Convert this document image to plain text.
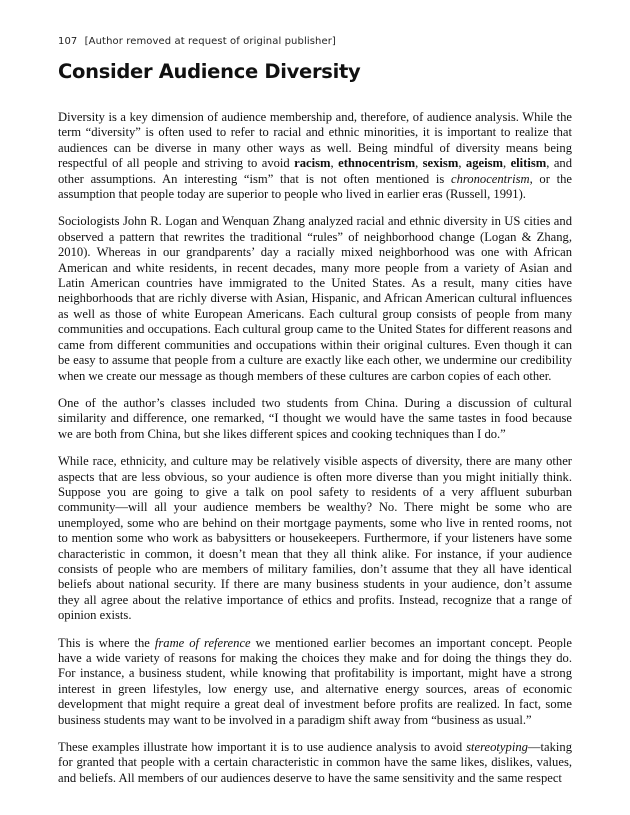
107 [Author removed at request of original publisher]
Consider Audience Diversity

Diversity is a key dimension of audience membership and, therefore, of audience analysis. While the term “diversity” is often used to refer to racial and ethnic minorities, it is important to realize that audiences can be diverse in many other ways as well. Being mindful of diversity means being respectful of all people and striving to avoid racism, ethnocentrism, sexism, ageism, elitism, and other assumptions. An interesting “ism” that is not often mentioned is chronocentrism, or the assumption that people today are superior to people who lived in earlier eras (Russell, 1991).

Sociologists John R. Logan and Wenquan Zhang analyzed racial and ethnic diversity in US cities and observed a pattern that rewrites the traditional “rules” of neighborhood change (Logan & Zhang, 2010). Whereas in our grandparents’ day a racially mixed neighborhood was one with African American and white residents, in recent decades, many more people from a variety of Asian and Latin American countries have immigrated to the United States. As a result, many cities have neighborhoods that are richly diverse with Asian, Hispanic, and African American cultural influences as well as those of white European Americans. Each cultural group consists of people from many communities and occupations. Each cultural group came to the United States for different reasons and came from different communities and occupations within their original cultures. Even though it can be easy to assume that people from a culture are exactly like each other, we undermine our credibility when we create our message as though members of these cultures are carbon copies of each other.

One of the author’s classes included two students from China. During a discussion of cultural similarity and difference, one remarked, “I thought we would have the same tastes in food because we are both from China, but she likes different spices and cooking techniques than I do.”

While race, ethnicity, and culture may be relatively visible aspects of diversity, there are many other aspects that are less obvious, so your audience is often more diverse than you might initially think. Suppose you are going to give a talk on pool safety to residents of a very affluent suburban community—will all your audience members be wealthy? No. There might be some who are unemployed, some who are behind on their mortgage payments, some who live in rented rooms, not to mention some who work as babysitters or housekeepers. Furthermore, if your listeners have some characteristic in common, it doesn’t mean that they all think alike. For instance, if your audience consists of people who are members of military families, don’t assume that they all have identical beliefs about national security. If there are many business students in your audience, don’t assume they all agree about the relative importance of ethics and profits. Instead, recognize that a range of opinion exists.

This is where the frame of reference we mentioned earlier becomes an important concept. People have a wide variety of reasons for making the choices they make and for doing the things they do. For instance, a business student, while knowing that profitability is important, might have a strong interest in green lifestyles, low energy use, and alternative energy sources, areas of economic development that might require a great deal of investment before profits are realized. In fact, some business students may want to be involved in a paradigm shift away from “business as usual.”

These examples illustrate how important it is to use audience analysis to avoid stereotyping—taking for granted that people with a certain characteristic in common have the same likes, dislikes, values, and beliefs. All members of our audiences deserve to have the same sensitivity and the same respect
